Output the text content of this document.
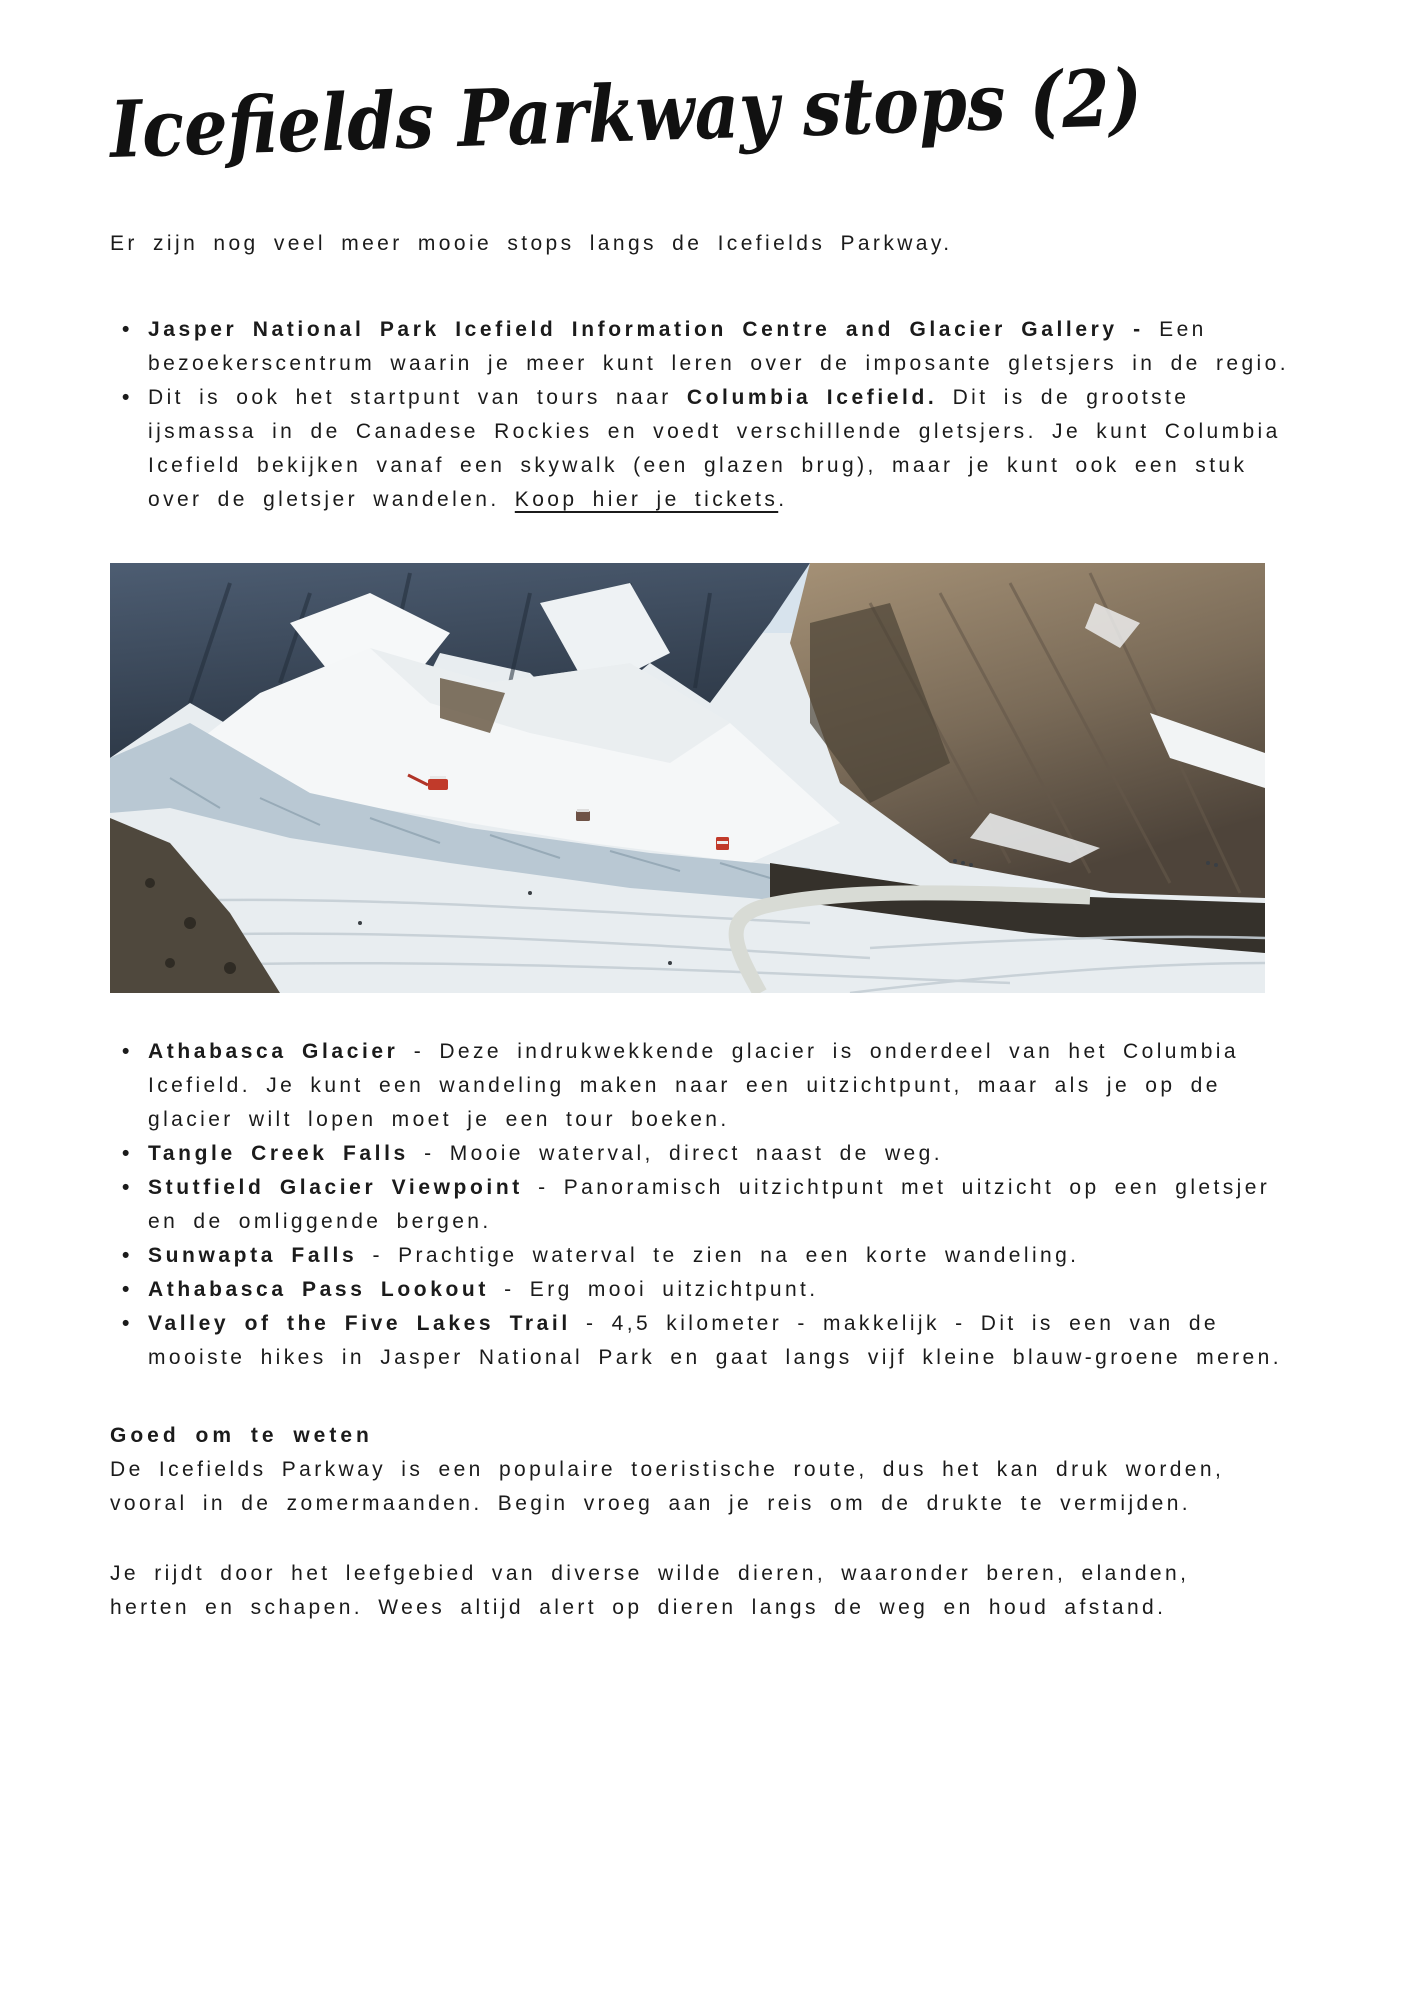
Icefields Parkway stops (2)

Er zijn nog veel meer mooie stops langs de Icefields Parkway.

• Jasper National Park Icefield Information Centre and Glacier Gallery - Een bezoekerscentrum waarin je meer kunt leren over de imposante gletsjers in de regio.
• Dit is ook het startpunt van tours naar Columbia Icefield. Dit is de grootste ijsmassa in de Canadese Rockies en voedt verschillende gletsjers. Je kunt Columbia Icefield bekijken vanaf een skywalk (een glazen brug), maar je kunt ook een stuk over de gletsjer wandelen. Koop hier je tickets.
• Athabasca Glacier - Deze indrukwekkende glacier is onderdeel van het Columbia Icefield. Je kunt een wandeling maken naar een uitzichtpunt, maar als je op de glacier wilt lopen moet je een tour boeken.
• Tangle Creek Falls - Mooie waterval, direct naast de weg.
• Stutfield Glacier Viewpoint - Panoramisch uitzichtpunt met uitzicht op een gletsjer en de omliggende bergen.
• Sunwapta Falls - Prachtige waterval te zien na een korte wandeling.
• Athabasca Pass Lookout - Erg mooi uitzichtpunt.
• Valley of the Five Lakes Trail - 4,5 kilometer - makkelijk - Dit is een van de mooiste hikes in Jasper National Park en gaat langs vijf kleine blauw-groene meren.
Goed om te weten

De Icefields Parkway is een populaire toeristische route, dus het kan druk worden, vooral in de zomermaanden. Begin vroeg aan je reis om de drukte te vermijden.

Je rijdt door het leefgebied van diverse wilde dieren, waaronder beren, elanden, herten en schapen. Wees altijd alert op dieren langs de weg en houd afstand.
